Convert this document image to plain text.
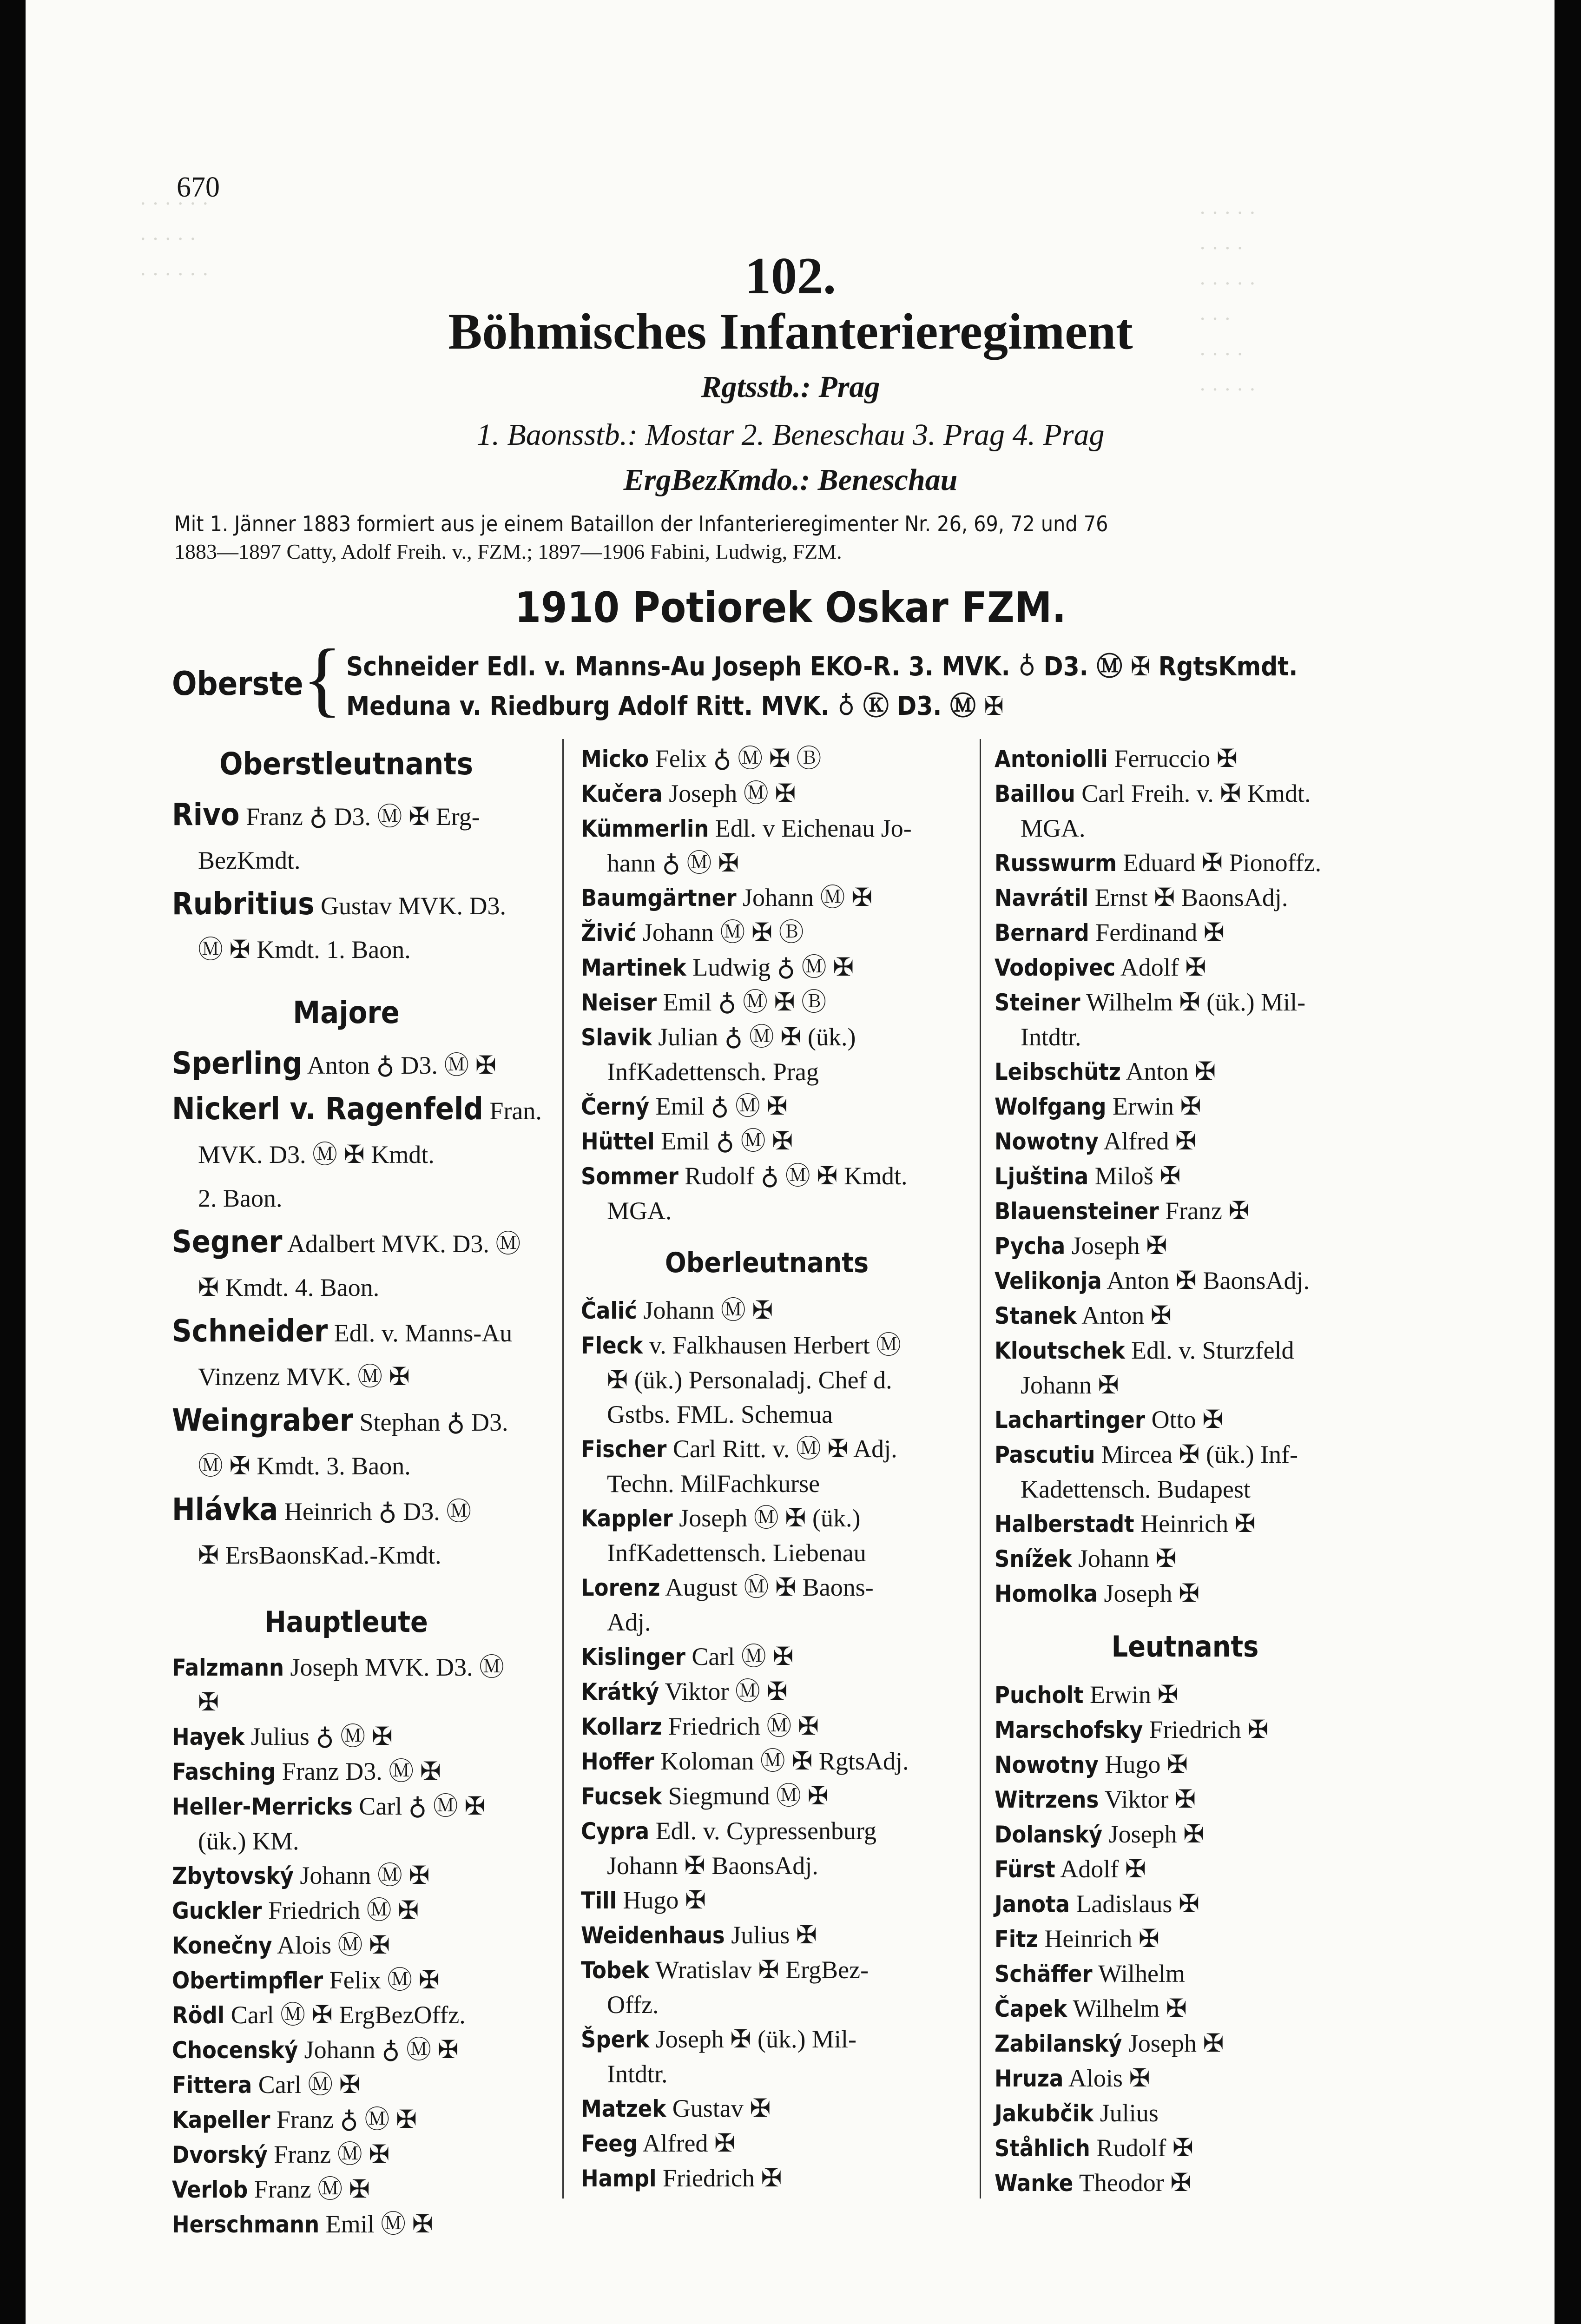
· · · · ·
· · · ·
· · · · ·
· · ·
· · · ·
· · · · ·
· · · · · ·
· · · · ·
· · · · · ·
670
102.
Böhmisches Infanterieregiment
Rgtsstb.: Prag
1. Baonsstb.: Mostar 2. Beneschau 3. Prag 4. Prag
ErgBezKmdo.: Beneschau
Mit 1. Jänner 1883 formiert aus je einem Bataillon der Infanterieregimenter Nr. 26, 69, 72 und 76
1883—1897 Catty, Adolf Freih. v., FZM.; 1897—1906 Fabini, Ludwig, FZM.
1910 Potiorek Oskar FZM.
Oberste
{ Schneider Edl. v. Manns-Au Joseph EKO-R. 3. MVK. ♁ D3. Ⓜ ✠ RgtsKmdt.
Meduna v. Riedburg Adolf Ritt. MVK. ♁ Ⓚ D3. Ⓜ ✠
Oberstleutnants
Rivo Franz ♁ D3. Ⓜ ✠ Erg-
BezKmdt.
Rubritius Gustav MVK. D3.
Ⓜ ✠ Kmdt. 1. Baon.
Majore
Sperling Anton ♁ D3. Ⓜ ✠
Nickerl v. Ragenfeld Fran.
MVK. D3. Ⓜ ✠ Kmdt.
2. Baon.
Segner Adalbert MVK. D3. Ⓜ
✠ Kmdt. 4. Baon.
Schneider Edl. v. Manns-Au
Vinzenz MVK. Ⓜ ✠
Weingraber Stephan ♁ D3.
Ⓜ ✠ Kmdt. 3. Baon.
Hlávka Heinrich ♁ D3. Ⓜ
✠ ErsBaonsKad.-Kmdt.
Hauptleute
Falzmann Joseph MVK. D3. Ⓜ
✠
Hayek Julius ♁ Ⓜ ✠
Fasching Franz D3. Ⓜ ✠
Heller-Merricks Carl ♁ Ⓜ ✠
(ük.) KM.
Zbytovský Johann Ⓜ ✠
Guckler Friedrich Ⓜ ✠
Konečny Alois Ⓜ ✠
Obertimpfler Felix Ⓜ ✠
Rödl Carl Ⓜ ✠ ErgBezOffz.
Chocenský Johann ♁ Ⓜ ✠
Fittera Carl Ⓜ ✠
Kapeller Franz ♁ Ⓜ ✠
Dvorský Franz Ⓜ ✠
Verlob Franz Ⓜ ✠
Herschmann Emil Ⓜ ✠
Micko Felix ♁ Ⓜ ✠ Ⓑ
Kučera Joseph Ⓜ ✠
Kümmerlin Edl. v Eichenau Jo-
hann ♁ Ⓜ ✠
Baumgärtner Johann Ⓜ ✠
Živić Johann Ⓜ ✠ Ⓑ
Martinek Ludwig ♁ Ⓜ ✠
Neiser Emil ♁ Ⓜ ✠ Ⓑ
Slavik Julian ♁ Ⓜ ✠ (ük.)
InfKadettensch. Prag
Černý Emil ♁ Ⓜ ✠
Hüttel Emil ♁ Ⓜ ✠
Sommer Rudolf ♁ Ⓜ ✠ Kmdt.
MGA.
Oberleutnants
Čalić Johann Ⓜ ✠
Fleck v. Falkhausen Herbert Ⓜ
✠ (ük.) Personaladj. Chef d.
Gstbs. FML. Schemua
Fischer Carl Ritt. v. Ⓜ ✠ Adj.
Techn. MilFachkurse
Kappler Joseph Ⓜ ✠ (ük.)
InfKadettensch. Liebenau
Lorenz August Ⓜ ✠ Baons-
Adj.
Kislinger Carl Ⓜ ✠
Krátký Viktor Ⓜ ✠
Kollarz Friedrich Ⓜ ✠
Hoffer Koloman Ⓜ ✠ RgtsAdj.
Fucsek Siegmund Ⓜ ✠
Cypra Edl. v. Cypressenburg
Johann ✠ BaonsAdj.
Till Hugo ✠
Weidenhaus Julius ✠
Tobek Wratislav ✠ ErgBez-
Offz.
Šperk Joseph ✠ (ük.) Mil-
Intdtr.
Matzek Gustav ✠
Feeg Alfred ✠
Hampl Friedrich ✠
Antoniolli Ferruccio ✠
Baillou Carl Freih. v. ✠ Kmdt.
MGA.
Russwurm Eduard ✠ Pionoffz.
Navrátil Ernst ✠ BaonsAdj.
Bernard Ferdinand ✠
Vodopivec Adolf ✠
Steiner Wilhelm ✠ (ük.) Mil-
Intdtr.
Leibschütz Anton ✠
Wolfgang Erwin ✠
Nowotny Alfred ✠
Ljuština Miloš ✠
Blauensteiner Franz ✠
Pycha Joseph ✠
Velikonja Anton ✠ BaonsAdj.
Stanek Anton ✠
Kloutschek Edl. v. Sturzfeld
Johann ✠
Lachartinger Otto ✠
Pascutiu Mircea ✠ (ük.) Inf-
Kadettensch. Budapest
Halberstadt Heinrich ✠
Snížek Johann ✠
Homolka Joseph ✠
Leutnants
Pucholt Erwin ✠
Marschofsky Friedrich ✠
Nowotny Hugo ✠
Witrzens Viktor ✠
Dolanský Joseph ✠
Fürst Adolf ✠
Janota Ladislaus ✠
Fitz Heinrich ✠
Schäffer Wilhelm
Čapek Wilhelm ✠
Zabilanský Joseph ✠
Hruza Alois ✠
Jakubčik Julius
Ståhlich Rudolf ✠
Wanke Theodor ✠
